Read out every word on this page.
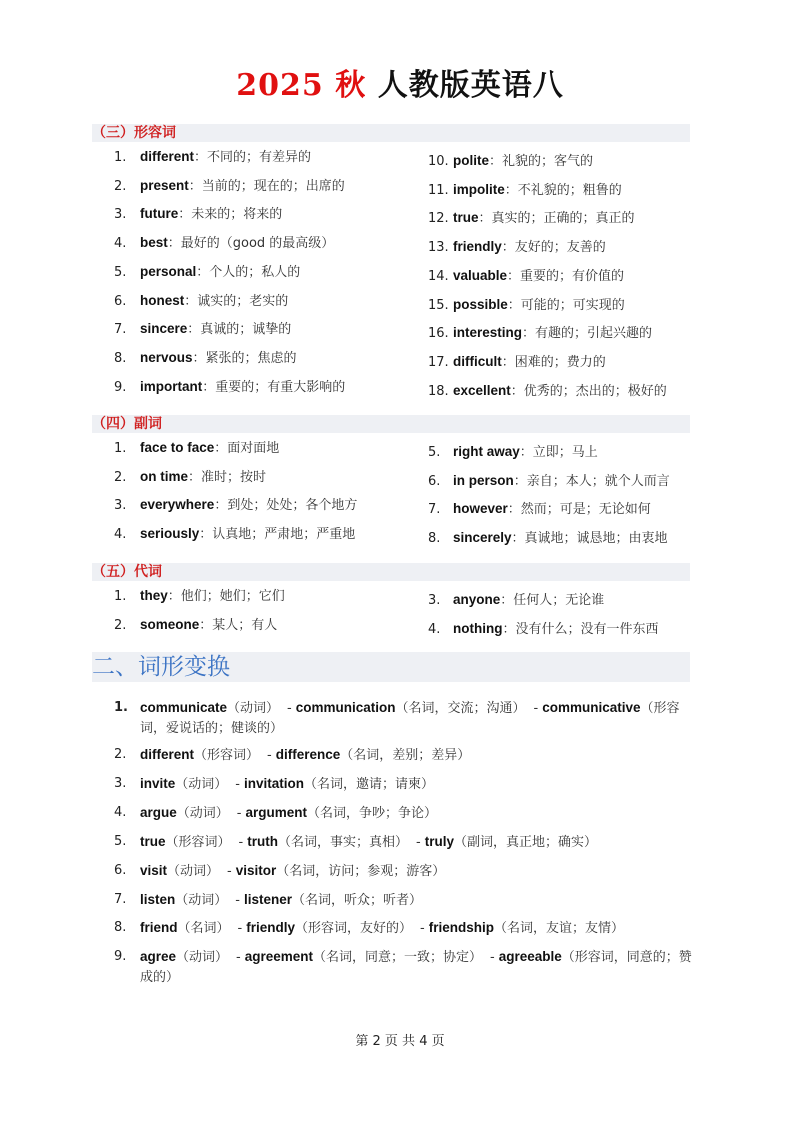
2025 秋 人教版英语八
（三）形容词
1. different：不同的；有差异的
2. present：当前的；现在的；出席的
3. future：未来的；将来的
4. best：最好的（good 的最高级）
5. personal：个人的；私人的
6. honest：诚实的；老实的
7. sincere：真诚的；诚挚的
8. nervous：紧张的；焦虑的
9. important：重要的；有重大影响的
10. polite：礼貌的；客气的
11. impolite：不礼貌的；粗鲁的
12. true：真实的；正确的；真正的
13. friendly：友好的；友善的
14. valuable：重要的；有价值的
15. possible：可能的；可实现的
16. interesting：有趣的；引起兴趣的
17. difficult：困难的；费力的
18. excellent：优秀的；杰出的；极好的
（四）副词
1. face to face：面对面地
2. on time：准时；按时
3. everywhere：到处；处处；各个地方
4. seriously：认真地；严肃地；严重地
5. right away：立即；马上
6. in person：亲自；本人；就个人而言
7. however：然而；可是；无论如何
8. sincerely：真诚地；诚恳地；由衷地
（五）代词
1. they：他们；她们；它们
2. someone：某人；有人
3. anyone：任何人；无论谁
4. nothing：没有什么；没有一件东西
二、词形变换
1. communicate（动词） - communication（名词，交流；沟通） - communicative（形容词，爱说话的；健谈的）
2.	different（形容词） - difference（名词，差别；差异）
3.	invite（动词） - invitation（名词，邀请；请柬）
4.	argue（动词） - argument（名词，争吵；争论）
5.	true（形容词） - truth（名词，事实；真相） - truly（副词，真正地；确实）
6.	visit（动词） - visitor（名词，访问；参观；游客）
7.	listen（动词） - listener（名词，听众；听者）
8.	friend（名词） - friendly（形容词，友好的） - friendship（名词，友谊；友情）
9.	agree（动词） - agreement（名词，同意；一致；协定） - agreeable（形容词，同意的；赞成的）
第 2 页 共 4 页
